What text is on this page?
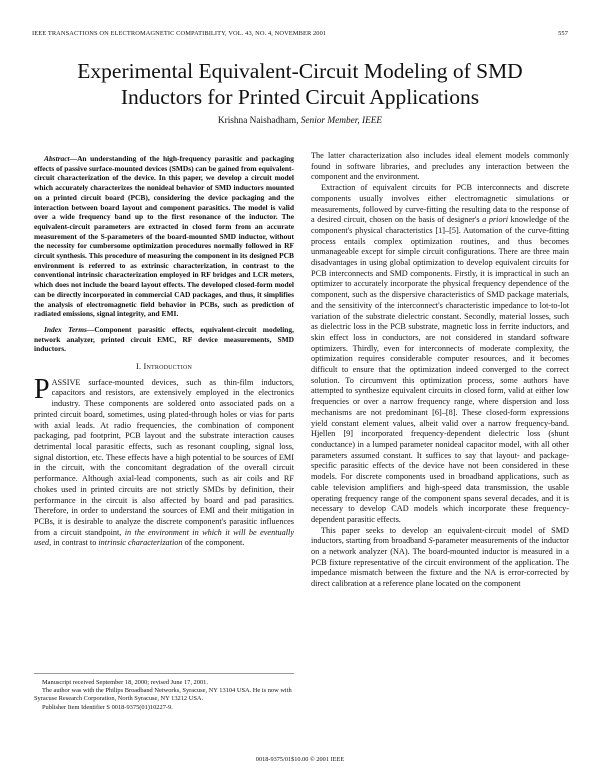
IEEE TRANSACTIONS ON ELECTROMAGNETIC COMPATIBILITY, VOL. 43, NO. 4, NOVEMBER 2001	557
Experimental Equivalent-Circuit Modeling of SMD
Inductors for Printed Circuit Applications
Krishna Naishadham, Senior Member, IEEE

Abstract—An understanding of the high-frequency parasitic and packaging effects of passive surface-mounted devices (SMDs) can be gained from equivalent-circuit characterization of the device. In this paper, we develop a circuit model which accurately characterizes the nonideal behavior of SMD inductors mounted on a printed circuit board (PCB), considering the device packaging and the interaction between board layout and component parasitics. The model is valid over a wide frequency band up to the first resonance of the inductor. The equivalent-circuit parameters are extracted in closed form from an accurate measurement of the S-parameters of the board-mounted SMD inductor, without the necessity for cumbersome optimization procedures normally followed in RF circuit synthesis. This procedure of measuring the component in its designed PCB environment is referred to as extrinsic characterization, in contrast to the conventional intrinsic characterization employed in RF bridges and LCR meters, which does not include the board layout effects. The developed closed-form model can be directly incorporated in commercial CAD packages, and thus, it simplifies the analysis of electromagnetic field behavior in PCBs, such as prediction of radiated emissions, signal integrity, and EMI.

Index Terms—Component parasitic effects, equivalent-circuit modeling, network analyzer, printed circuit EMC, RF device measurements, SMD inductors.

I. Introduction

PASSIVE surface-mounted devices, such as thin-film inductors, capacitors and resistors, are extensively employed in the electronics industry. These components are soldered onto associated pads on a printed circuit board, sometimes, using plated-through holes or vias for parts with axial leads. At radio frequencies, the combination of component packaging, pad footprint, PCB layout and the substrate interaction causes detrimental local parasitic effects, such as resonant coupling, signal loss, signal distortion, etc. These effects have a high potential to be sources of EMI in the circuit, with the concomitant degradation of the overall circuit performance. Although axial-lead components, such as air coils and RF chokes used in printed circuits are not strictly SMDs by definition, their performance in the circuit is also affected by board and pad parasitics. Therefore, in order to understand the sources of EMI and their mitigation in PCBs, it is desirable to analyze the discrete component's parasitic influences from a circuit standpoint, in the environment in which it will be eventually used, in contrast to intrinsic characterization of the component.

Manuscript received September 18, 2000; revised June 17, 2001.

The author was with the Philips Broadband Networks, Syracuse, NY 13104 USA. He is now with Syracuse Research Corporation, North Syracuse, NY 13212 USA.

Publisher Item Identifier S 0018-9375(01)10227-9.

The latter characterization also includes ideal element models commonly found in software libraries, and precludes any interaction between the component and the environment.

Extraction of equivalent circuits for PCB interconnects and discrete components usually involves either electromagnetic simulations or measurements, followed by curve-fitting the resulting data to the response of a desired circuit, chosen on the basis of designer's a priori knowledge of the component's physical characteristics [1]–[5]. Automation of the curve-fitting process entails complex optimization routines, and thus becomes unmanageable except for simple circuit configurations. There are three main disadvantages in using global optimization to develop equivalent circuits for PCB interconnects and SMD components. Firstly, it is impractical in such an optimizer to accurately incorporate the physical frequency dependence of the component, such as the dispersive characteristics of SMD package materials, and the sensitivity of the interconnect's characteristic impedance to lot-to-lot variation of the substrate dielectric constant. Secondly, material losses, such as dielectric loss in the PCB substrate, magnetic loss in ferrite inductors, and skin effect loss in conductors, are not considered in standard software optimizers. Thirdly, even for interconnects of moderate complexity, the optimization requires considerable computer resources, and it becomes difficult to ensure that the optimization indeed converged to the correct solution. To circumvent this optimization process, some authors have attempted to synthesize equivalent circuits in closed form, valid at either low frequencies or over a narrow frequency range, where dispersion and loss mechanisms are not predominant [6]–[8]. These closed-form expressions yield constant element values, albeit valid over a narrow frequency-band. Hjellen [9] incorporated frequency-dependent dielectric loss (shunt conductance) in a lumped parameter nonideal capacitor model, with all other parameters assumed constant. It suffices to say that layout- and package-specific parasitic effects of the device have not been considered in these models. For discrete components used in broadband applications, such as cable television amplifiers and high-speed data transmission, the usable operating frequency range of the component spans several decades, and it is necessary to develop CAD models which incorporate these frequency-dependent parasitic effects.

This paper seeks to develop an equivalent-circuit model of SMD inductors, starting from broadband S-parameter measurements of the inductor on a network analyzer (NA). The board-mounted inductor is measured in a PCB fixture representative of the circuit environment of the application. The impedance mismatch between the fixture and the NA is error-corrected by direct calibration at a reference plane located on the component

0018-9375/01$10.00 © 2001 IEEE
